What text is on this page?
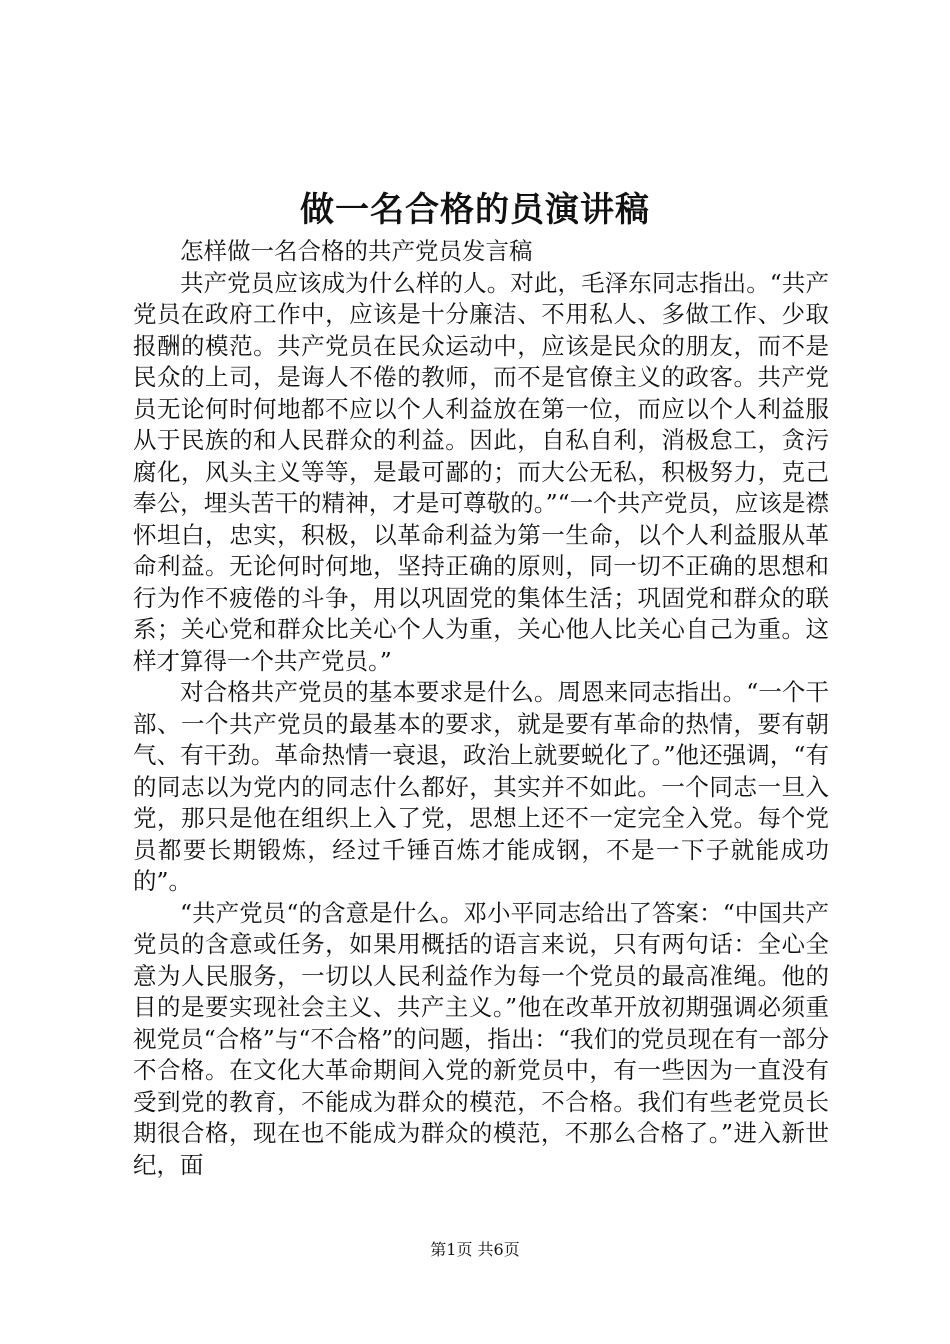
做一名合格的员演讲稿

怎样做一名合格的共产党员发言稿

共产党员应该成为什么样的人。对此，毛泽东同志指出。“共产党员在政府工作中，应该是十分廉洁、不用私人、多做工作、少取报酬的模范。共产党员在民众运动中，应该是民众的朋友，而不是民众的上司，是诲人不倦的教师，而不是官僚主义的政客。共产党员无论何时何地都不应以个人利益放在第一位，而应以个人利益服从于民族的和人民群众的利益。因此，自私自利，消极怠工，贪污腐化，风头主义等等，是最可鄙的；而大公无私，积极努力，克己奉公，埋头苦干的精神，才是可尊敬的。”“一个共产党员，应该是襟怀坦白，忠实，积极，以革命利益为第一生命，以个人利益服从革命利益。无论何时何地，坚持正确的原则，同一切不正确的思想和行为作不疲倦的斗争，用以巩固党的集体生活；巩固党和群众的联系；关心党和群众比关心个人为重，关心他人比关心自己为重。这样才算得一个共产党员。”

对合格共产党员的基本要求是什么。周恩来同志指出。“一个干部、一个共产党员的最基本的要求，就是要有革命的热情，要有朝气、有干劲。革命热情一衰退，政治上就要蜕化了。”他还强调，“有的同志以为党内的同志什么都好，其实并不如此。一个同志一旦入党，那只是他在组织上入了党，思想上还不一定完全入党。每个党员都要长期锻炼，经过千锤百炼才能成钢，不是一下子就能成功的”。

“共产党员“的含意是什么。邓小平同志给出了答案：“中国共产党员的含意或任务，如果用概括的语言来说，只有两句话：全心全意为人民服务，一切以人民利益作为每一个党员的最高准绳。他的目的是要实现社会主义、共产主义。”他在改革开放初期强调必须重视党员“合格”与“不合格”的问题，指出：“我们的党员现在有一部分不合格。在文化大革命期间入党的新党员中，有一些因为一直没有受到党的教育，不能成为群众的模范，不合格。我们有些老党员长期很合格，现在也不能成为群众的模范，不那么合格了。”进入新世纪，面

第1页 共6页
